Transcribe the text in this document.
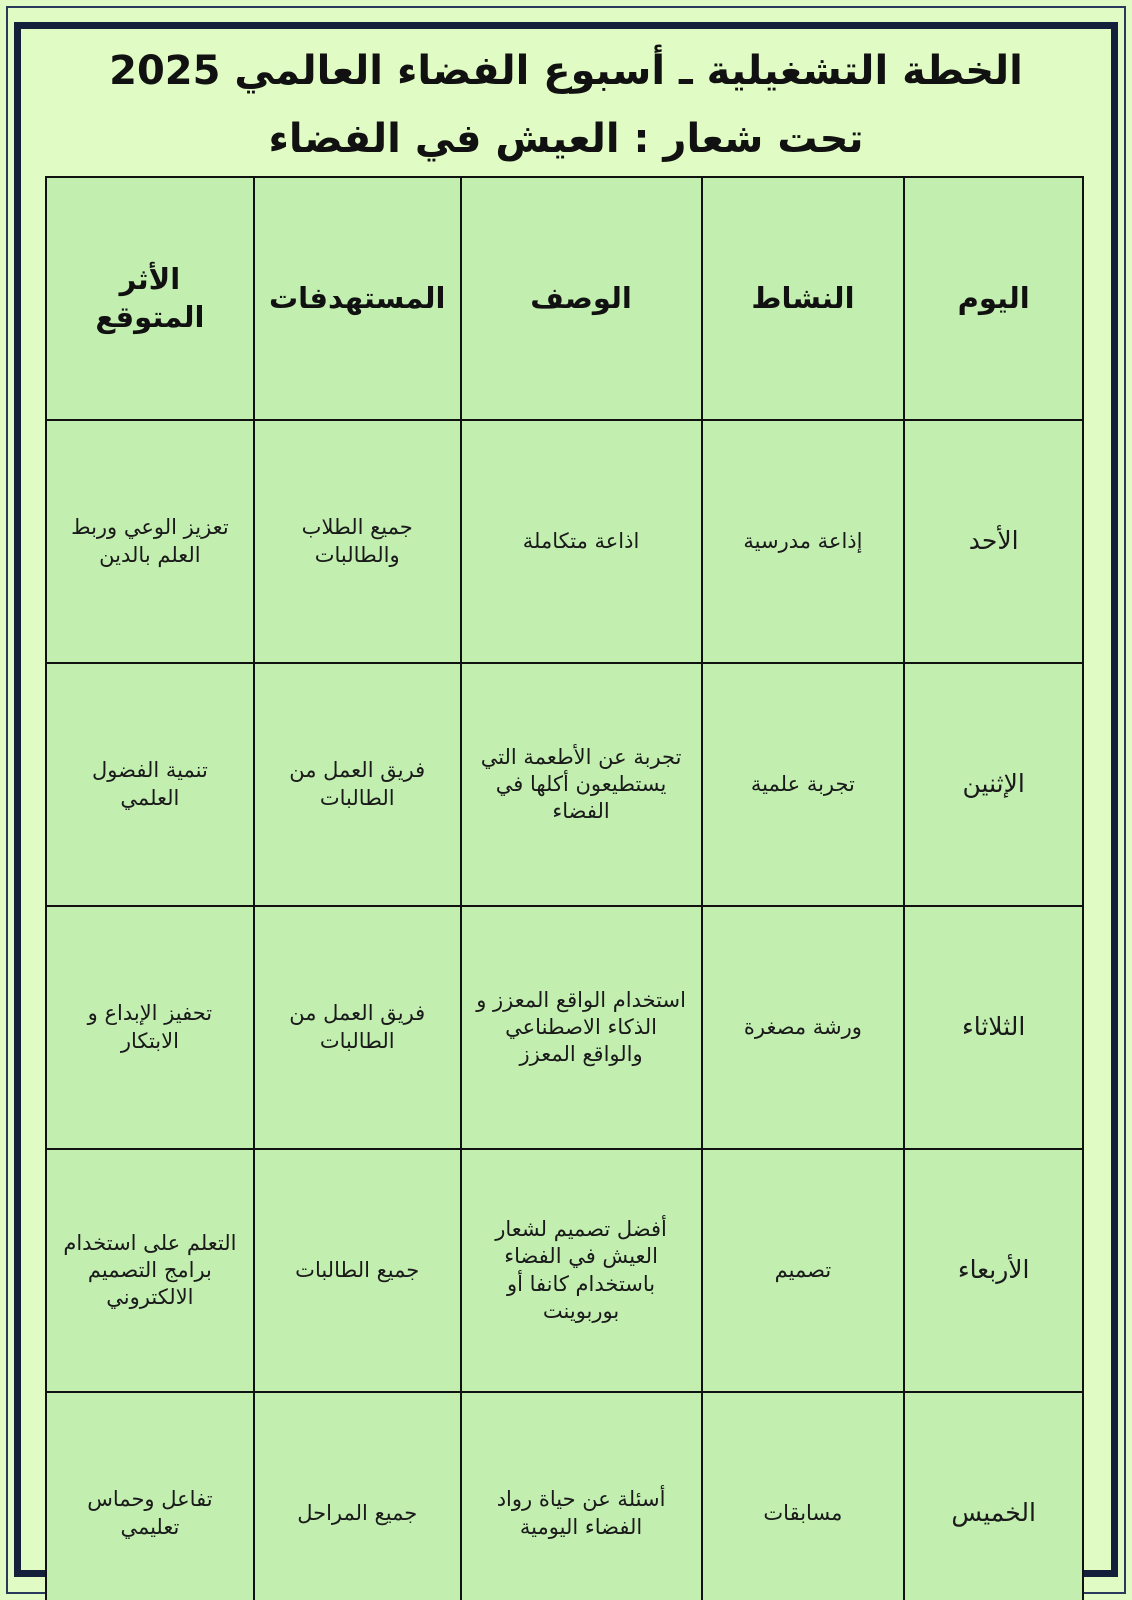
الخطة التشغيلية ـ أسبوع الفضاء العالمي 2025
تحت شعار : العيش في الفضاء
اليوم	النشاط	الوصف	المستهدفات	الأثر المتوقع
الأحد	إذاعة مدرسية	اذاعة متكاملة	جميع الطلاب والطالبات	تعزيز الوعي وربط العلم بالدين
الإثنين	تجربة علمية	تجربة عن الأطعمة التي يستطيعون أكلها في الفضاء	فريق العمل من الطالبات	تنمية الفضول العلمي
الثلاثاء	ورشة مصغرة	استخدام الواقع المعزز و الذكاء الاصطناعي والواقع المعزز	فريق العمل من الطالبات	تحفيز الإبداع و الابتكار
الأربعاء	تصميم	أفضل تصميم لشعار العيش في الفضاء باستخدام كانفا أو بوربوينت	جميع الطالبات	التعلم على استخدام برامج التصميم الالكتروني
الخميس	مسابقات	أسئلة عن حياة رواد الفضاء اليومية	جميع المراحل	تفاعل وحماس تعليمي
